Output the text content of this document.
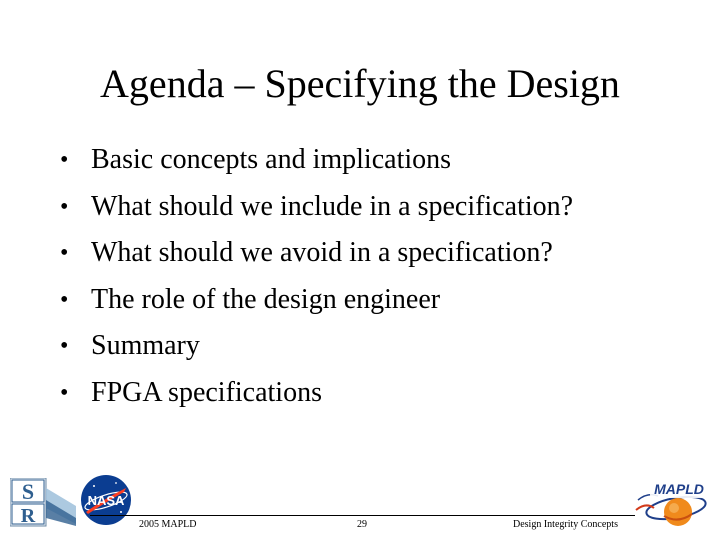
Agenda – Specifying the Design
• Basic concepts and implications
• What should we include in a specification?
• What should we avoid in a specification?
• The role of the design engineer
• Summary
• FPGA specifications
S
R
NASA
2005 MAPLD	29	Design Integrity Concepts
MAPLD
